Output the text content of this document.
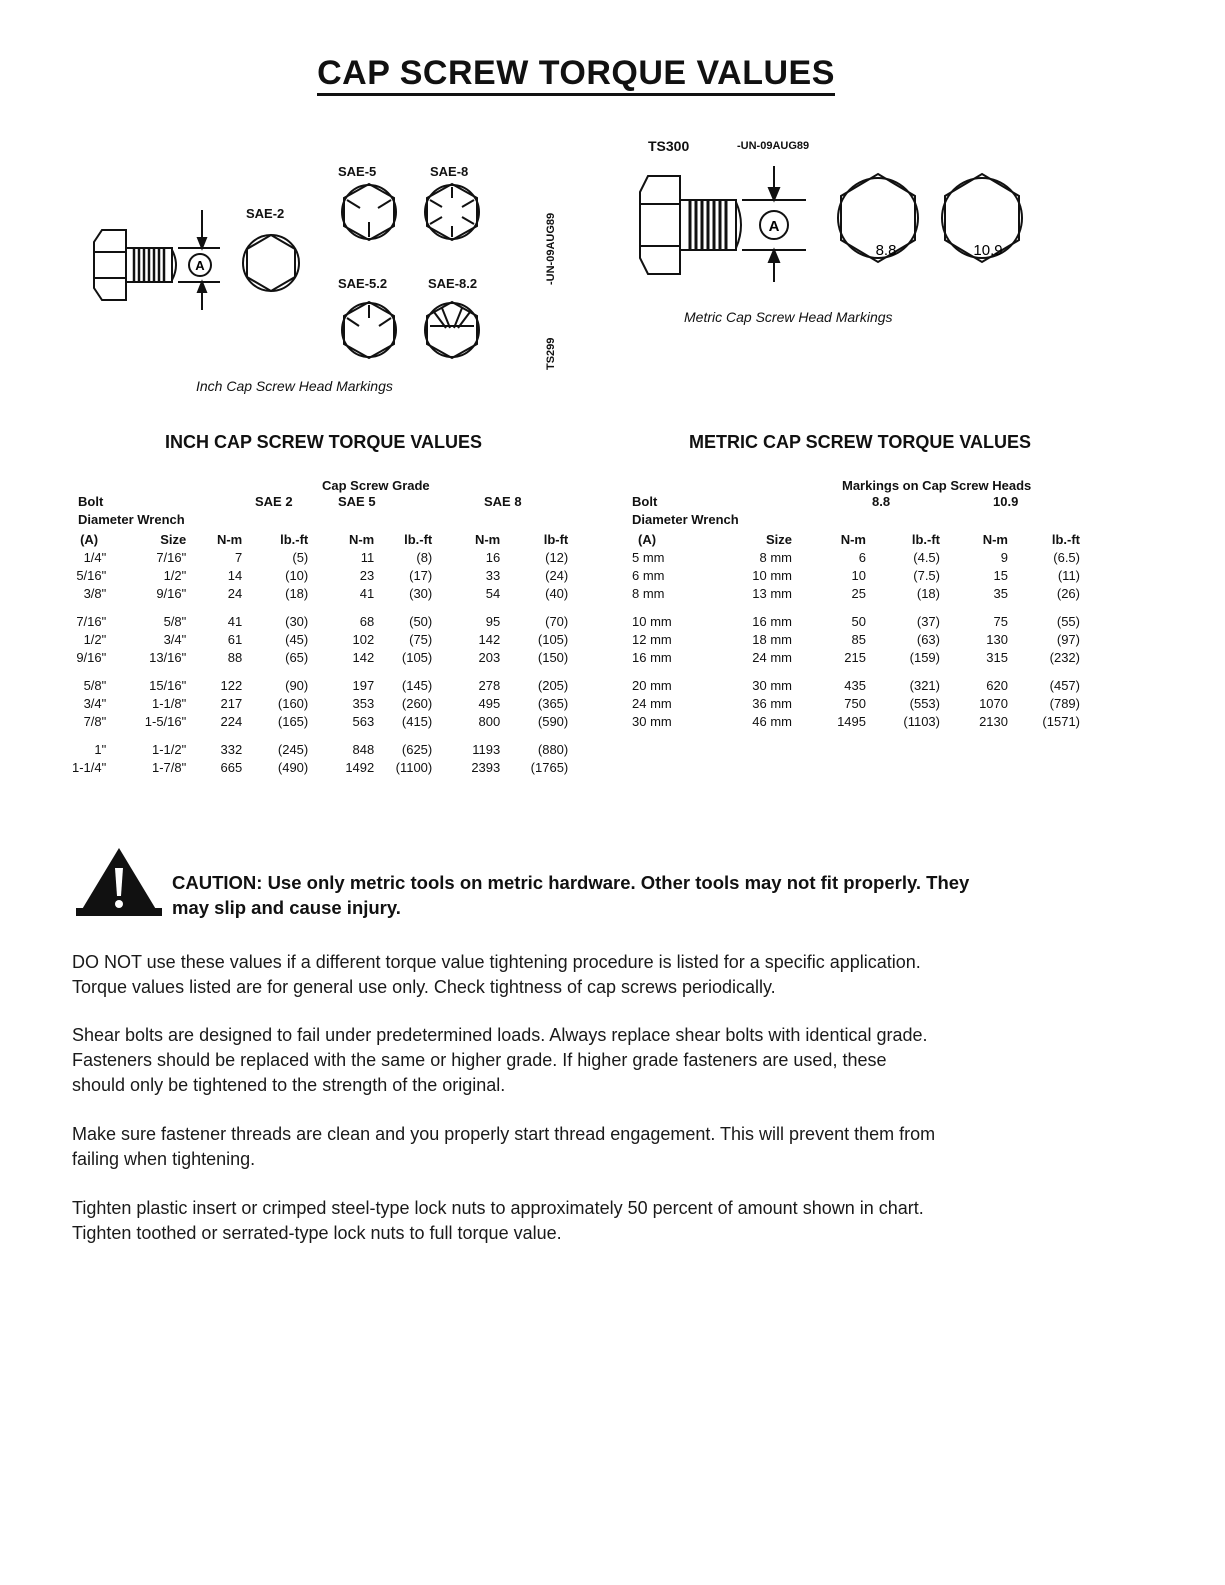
CAP SCREW TORQUE VALUES
A
SAE-2
SAE-5	SAE-8
SAE-5.2	SAE-8.2
Inch Cap Screw Head Markings
-UN-09AUG89
TS299
TS300	-UN-09AUG89
A
8.8	10.9
Metric Cap Screw Head Markings
INCH CAP SCREW TORQUE VALUES
Cap Screw Grade
Bolt	SAE 2	SAE 5	SAE 8
Diameter Wrench
(A)	Size	N-m	lb.-ft	N-m	lb.-ft	N-m	lb-ft
1/4"	7/16"	7	(5)	11	(8)	16	(12)
5/16"	1/2"	14	(10)	23	(17)	33	(24)
3/8"	9/16"	24	(18)	41	(30)	54	(40)

7/16"	5/8"	41	(30)	68	(50)	95	(70)
1/2"	3/4"	61	(45)	102	(75)	142	(105)
9/16"	13/16"	88	(65)	142	(105)	203	(150)

5/8"	15/16"	122	(90)	197	(145)	278	(205)
3/4"	1-1/8"	217	(160)	353	(260)	495	(365)
7/8"	1-5/16"	224	(165)	563	(415)	800	(590)

1"	1-1/2"	332	(245)	848	(625)	1193	(880)
1-1/4"	1-7/8"	665	(490)	1492	(1100)	2393	(1765)
METRIC CAP SCREW TORQUE VALUES
Markings on Cap Screw Heads
Bolt	8.8	10.9
Diameter Wrench
(A)	Size	N-m	lb.-ft	N-m	lb.-ft
5 mm	8 mm	6	(4.5)	9	(6.5)
6 mm	10 mm	10	(7.5)	15	(11)
8 mm	13 mm	25	(18)	35	(26)

10 mm	16 mm	50	(37)	75	(55)
12 mm	18 mm	85	(63)	130	(97)
16 mm	24 mm	215	(159)	315	(232)

20 mm	30 mm	435	(321)	620	(457)
24 mm	36 mm	750	(553)	1070	(789)
30 mm	46 mm	1495	(1103)	2130	(1571)
CAUTION: Use only metric tools on metric hardware. Other tools may not fit properly. They
may slip and cause injury.
DO NOT use these values if a different torque value tightening procedure is listed for a specific application.
Torque values listed are for general use only. Check tightness of cap screws periodically.
Shear bolts are designed to fail under predetermined loads. Always replace shear bolts with identical grade.
Fasteners should be replaced with the same or higher grade. If higher grade fasteners are used, these
should only be tightened to the strength of the original.
Make sure fastener threads are clean and you properly start thread engagement. This will prevent them from
failing when tightening.
Tighten plastic insert or crimped steel-type lock nuts to approximately 50 percent of amount shown in chart.
Tighten toothed or serrated-type lock nuts to full torque value.
